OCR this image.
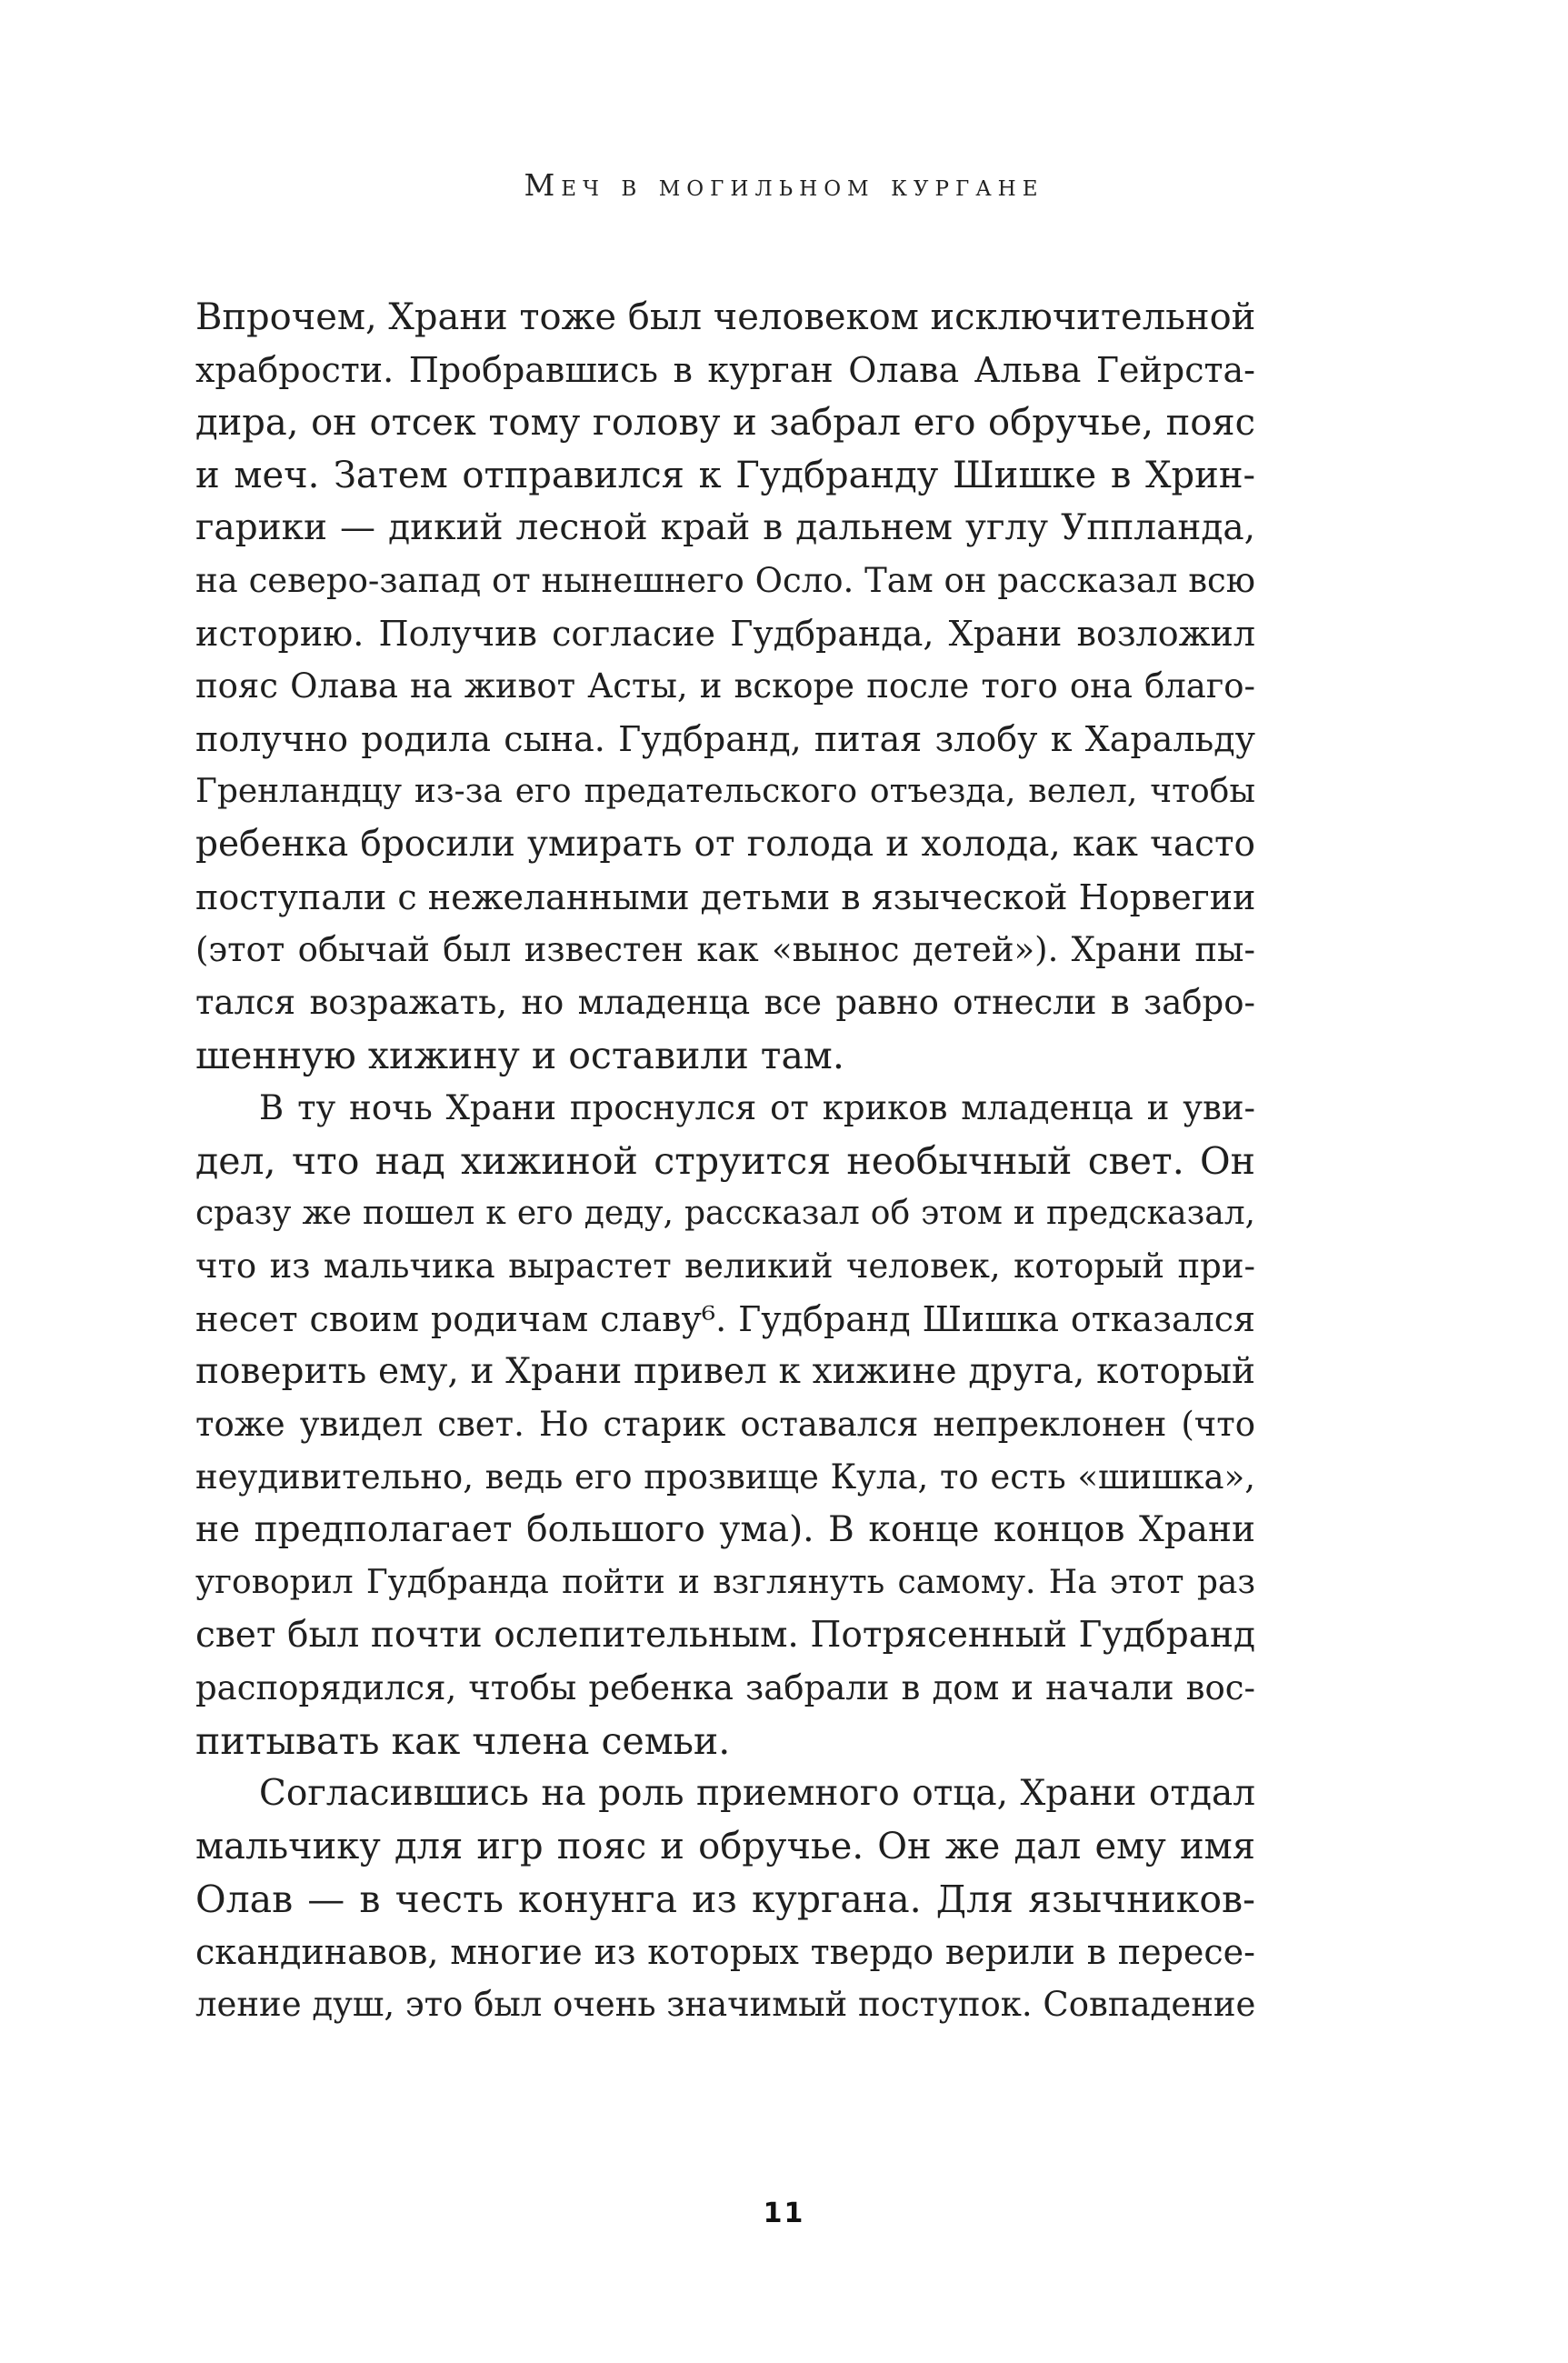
Меч в могильном кургане
Впрочем, Храни тоже был человеком исключительной
храбрости. Пробравшись в курган Олава Альва Гейрста-
дира, он отсек тому голову и забрал его обручье, пояс
и меч. Затем отправился к Гудбранду Шишке в Хрин-
гарики — дикий лесной край в дальнем углу Уппланда,
на северо-запад от нынешнего Осло. Там он рассказал всю
историю. Получив согласие Гудбранда, Храни возложил
пояс Олава на живот Асты, и вскоре после того она благо-
получно родила сына. Гудбранд, питая злобу к Харальду
Гренландцу из-за его предательского отъезда, велел, чтобы
ребенка бросили умирать от голода и холода, как часто
поступали с нежеланными детьми в языческой Норвегии
(этот обычай был известен как «вынос детей»). Храни пы-
тался возражать, но младенца все равно отнесли в забро-
шенную хижину и оставили там.
В ту ночь Храни проснулся от криков младенца и уви-
дел, что над хижиной струится необычный свет. Он
сразу же пошел к его деду, рассказал об этом и предсказал,
что из мальчика вырастет великий человек, который при-
несет своим родичам славу⁶. Гудбранд Шишка отказался
поверить ему, и Храни привел к хижине друга, который
тоже увидел свет. Но старик оставался непреклонен (что
неудивительно, ведь его прозвище Кула, то есть «шишка»,
не предполагает большого ума). В конце концов Храни
уговорил Гудбранда пойти и взглянуть самому. На этот раз
свет был почти ослепительным. Потрясенный Гудбранд
распорядился, чтобы ребенка забрали в дом и начали вос-
питывать как члена семьи.
Согласившись на роль приемного отца, Храни отдал
мальчику для игр пояс и обручье. Он же дал ему имя
Олав — в честь конунга из кургана. Для язычников-
скандинавов, многие из которых твердо верили в пересе-
ление душ, это был очень значимый поступок. Совпадение
11
